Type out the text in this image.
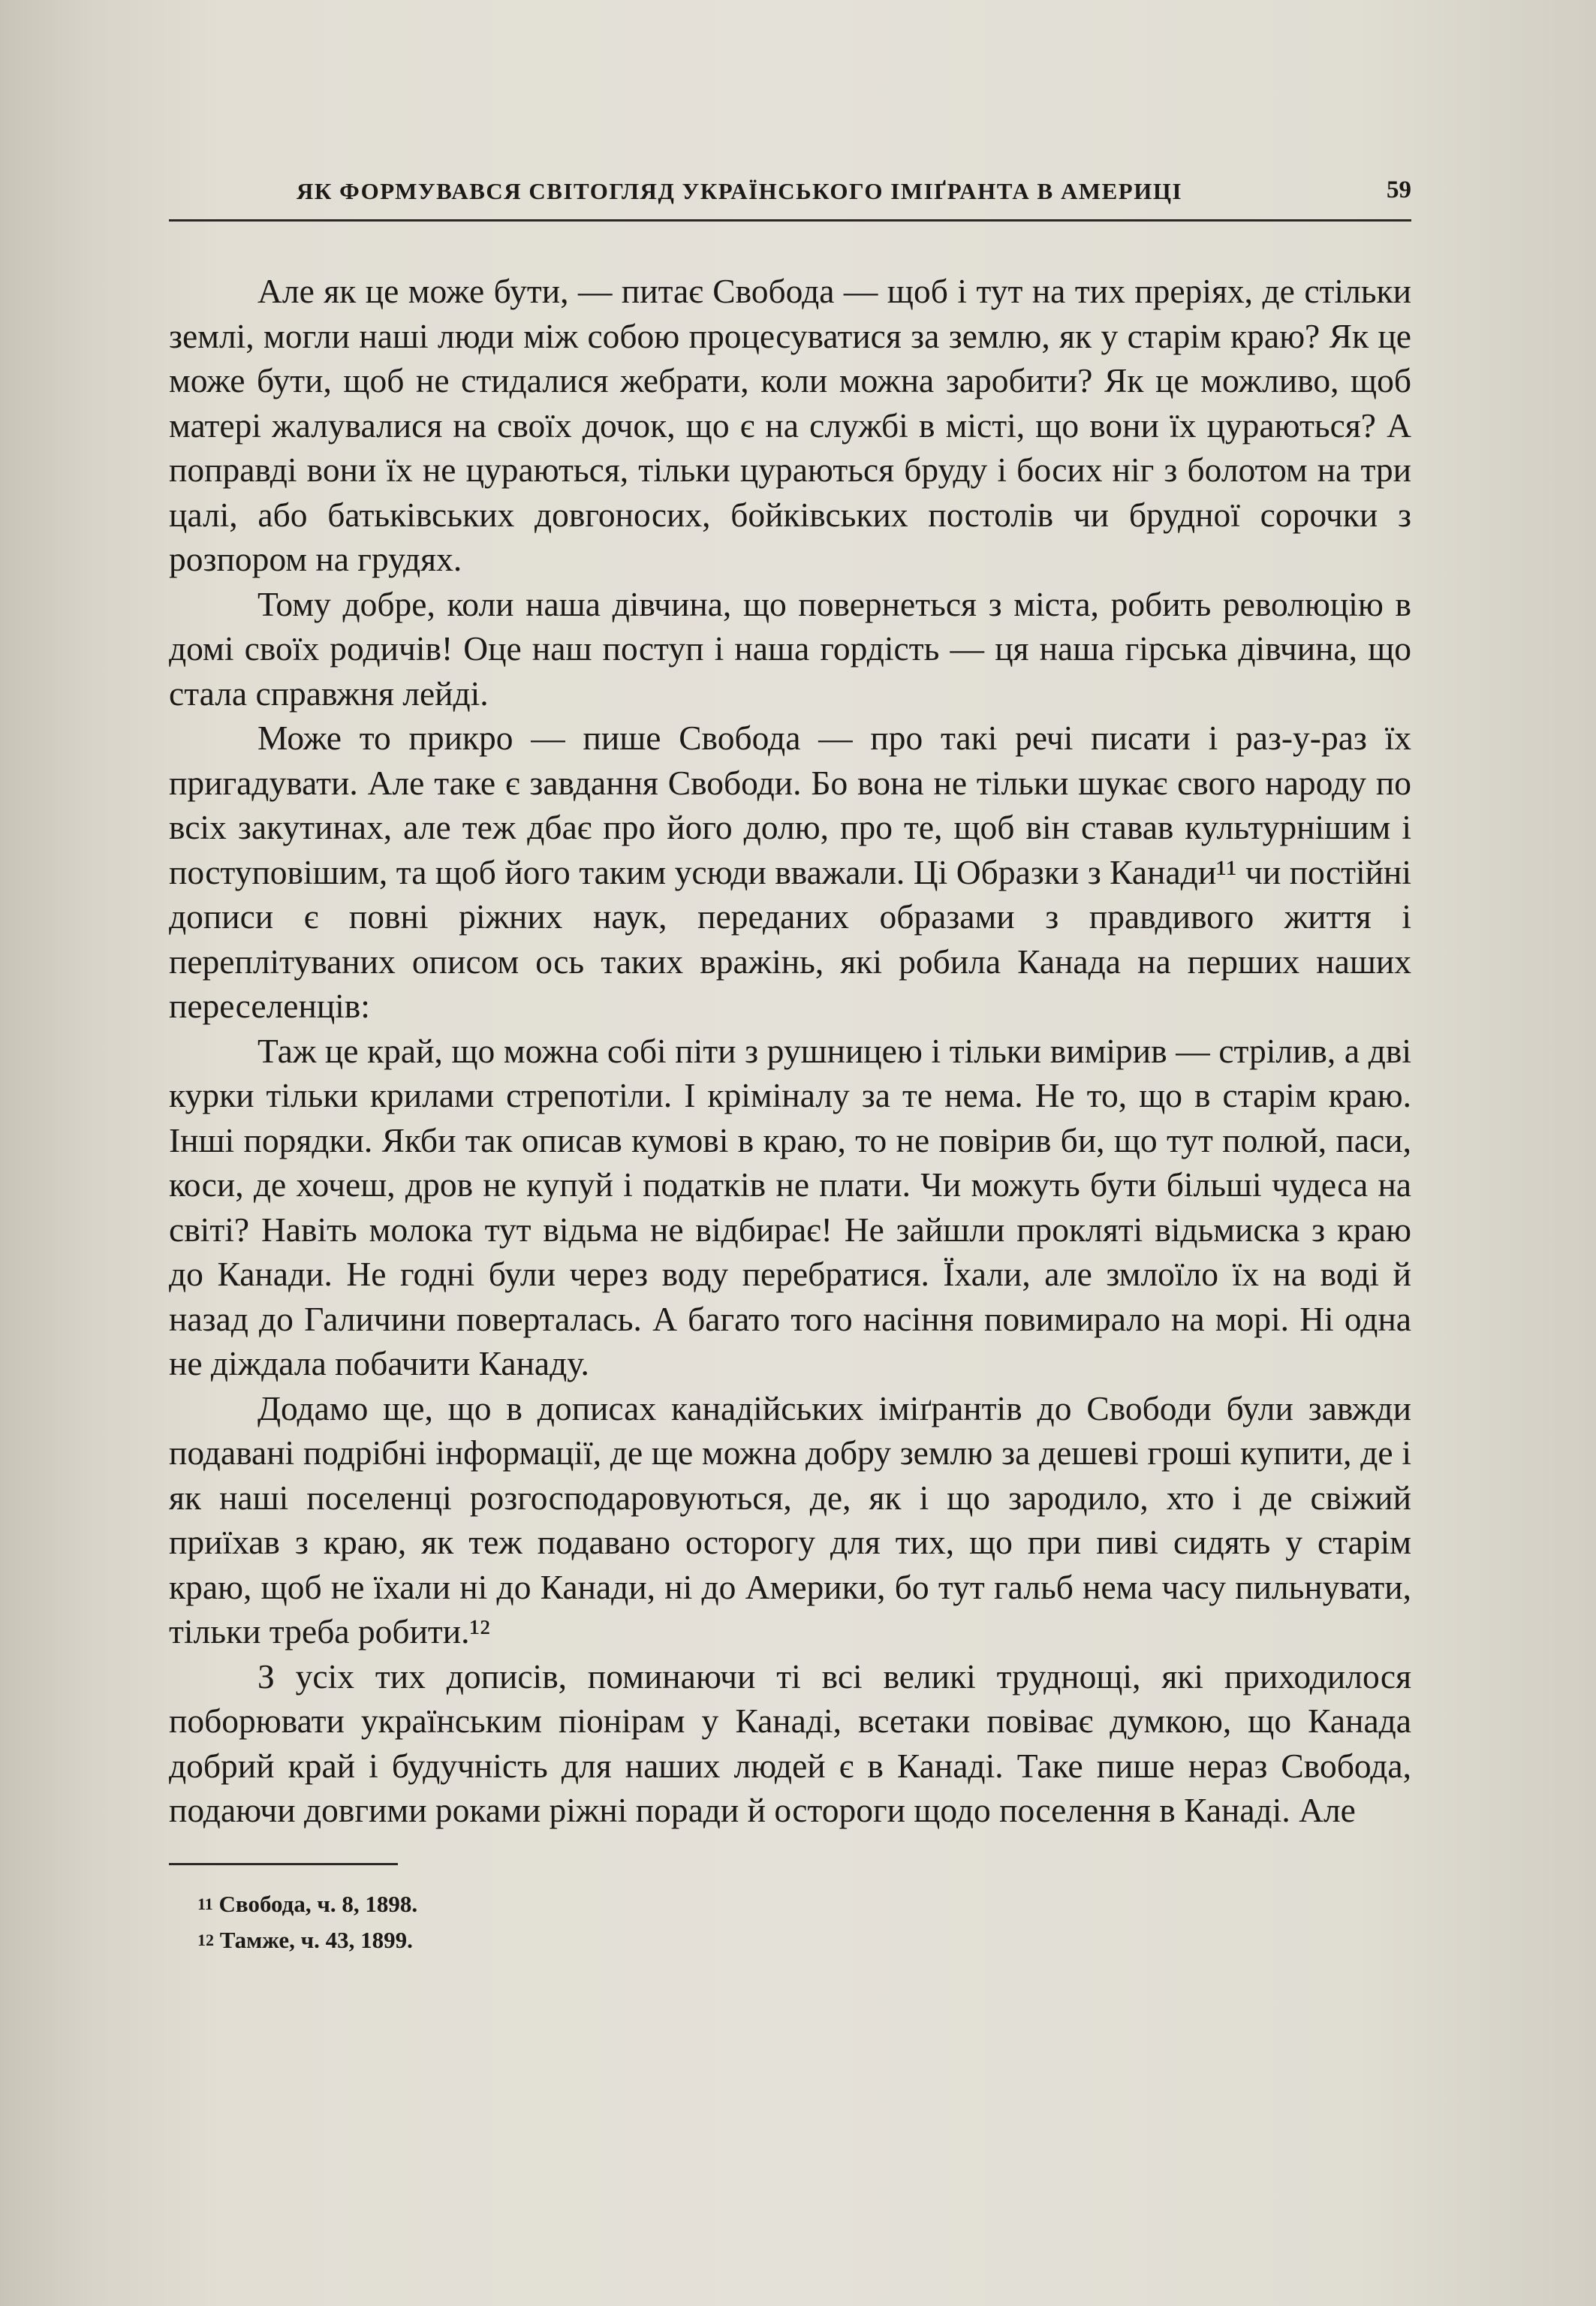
ЯК ФОРМУВАВСЯ СВІТОГЛЯД УКРАЇНСЬКОГО ІМІҐРАНТА В АМЕРИЦІ	59

Але як це може бути, — питає Свобода — щоб і тут на тих преріях, де стільки землі, могли наші люди між собою процесуватися за землю, як у старім краю? Як це може бути, щоб не стидалися жебрати, коли можна заробити? Як це можливо, щоб матері жалувалися на своїх дочок, що є на службі в місті, що вони їх цураються? А поправді вони їх не цураються, тільки цураються бруду і босих ніг з болотом на три цалі, або батьківських довгоносих, бойківських постолів чи брудної сорочки з розпором на грудях.

Тому добре, коли наша дівчина, що повернеться з міста, робить революцію в домі своїх родичів! Оце наш поступ і наша гордість — ця наша гірська дівчина, що стала справжня лейді.

Може то прикро — пише Свобода — про такі речі писати і раз-у-раз їх пригадувати. Але таке є завдання Свободи. Бо вона не тільки шукає свого народу по всіх закутинах, але теж дбає про його долю, про те, щоб він ставав культурнішим і поступовішим, та щоб його таким усюди вважали. Ці Образки з Канади¹¹ чи постійні дописи є повні ріжних наук, переданих образами з правдивого життя і переплітуваних описом ось таких вражінь, які робила Канада на перших наших переселенців:

Таж це край, що можна собі піти з рушницею і тільки вимірив — стрілив, а дві курки тільки крилами стрепотіли. І кріміналу за те нема. Не то, що в старім краю. Інші порядки. Якби так описав кумові в краю, то не повірив би, що тут полюй, паси, коси, де хочеш, дров не купуй і податків не плати. Чи можуть бути більші чудеса на світі? Навіть молока тут відьма не відбирає! Не зайшли прокляті відьмиска з краю до Канади. Не годні були через воду перебратися. Їхали, але змлоїло їх на воді й назад до Галичини поверталась. А багато того насіння повимирало на морі. Ні одна не діждала побачити Канаду.

Додамо ще, що в дописах канадійських іміґрантів до Свободи були завжди подавані подрібні інформації, де ще можна добру землю за дешеві гроші купити, де і як наші поселенці розгосподаровуються, де, як і що зародило, хто і де свіжий приїхав з краю, як теж подавано осторогу для тих, що при пиві сидять у старім краю, щоб не їхали ні до Канади, ні до Америки, бо тут гальб нема часу пильнувати, тільки треба робити.¹²

З усіх тих дописів, поминаючи ті всі великі труднощі, які приходилося поборювати українським піонірам у Канаді, всетаки повіває думкою, що Канада добрий край і будучність для наших людей є в Канаді. Таке пише нераз Свобода, подаючи довгими роками ріжні поради й остороги щодо поселення в Канаді. Але

$^{11}$ Свобода, ч. 8, 1898.
$^{12}$ Тамже, ч. 43, 1899.
